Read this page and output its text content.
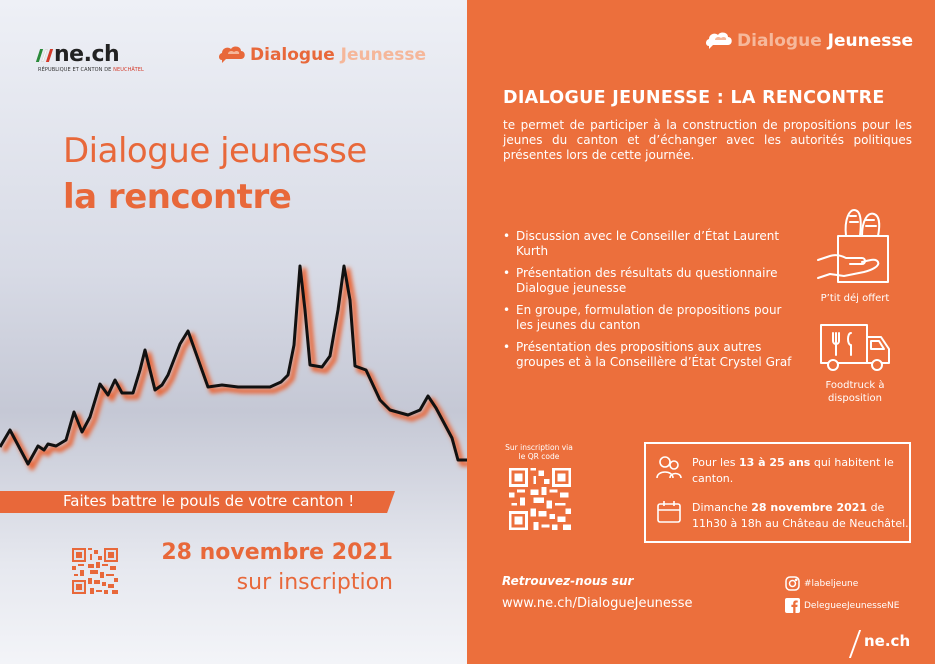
ne.ch
RÉPUBLIQUE ET CANTON DE NEUCHÂTEL
Dialogue Jeunesse
Dialogue jeunesse
la rencontre
Faites battre le pouls de votre canton !
28 novembre 2021
sur inscription
Dialogue Jeunesse
DIALOGUE JEUNESSE : LA RENCONTRE
te permet de participer à la construction de propositions pour les jeunes du canton et d’échanger avec les autorités politiques présentes lors de cette journée.
• Discussion avec le Conseiller d’État Laurent Kurth
• Présentation des résultats du questionnaire Dialogue jeunesse
• En groupe, formulation de propositions pour les jeunes du canton
• Présentation des propositions aux autres groupes et à la Conseillère d’État Crystel Graf
P’tit déj offert
Foodtruck à disposition
Sur inscription via le QR code	Pour les 13 à 25 ans qui habitent le canton.
Dimanche 28 novembre 2021 de 11h30 à 18h au Château de Neuchâtel.
Retrouvez-nous sur
www.ne.ch/DialogueJeunesse
#labeljeune
DelegueeJeunesseNE
ne.ch
